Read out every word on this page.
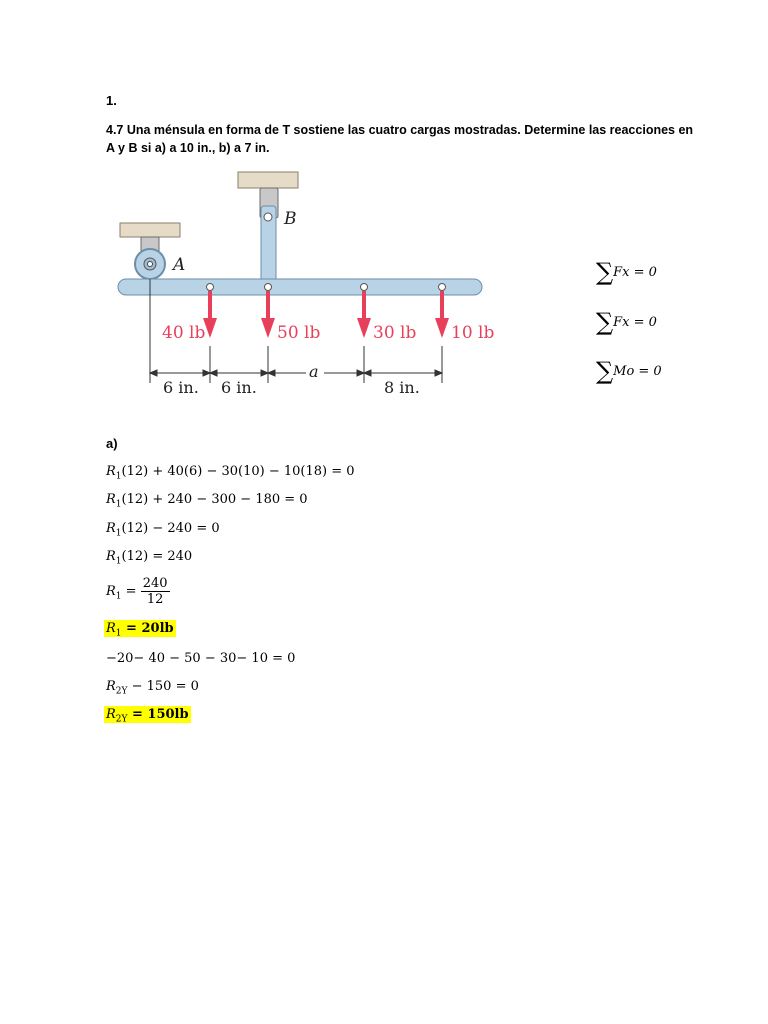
1.
4.7 Una ménsula en forma de T sostiene las cuatro cargas mostradas. Determine las reacciones en
A y B si a) a 10 in., b) a 7 in.
B
A
40 lb	50 lb	30 lb 10 lb
6 in. 6 in.
a
8 in.
∑Fx = 0
∑Fx = 0
∑Mo = 0
a)
$R_1(12) + 40(6) - 30(10) - 10(18) = 0$
$R_1(12) + 240 - 300 - 180 = 0$
$R_1(12) - 240 = 0$
$R_1(12) = 240$
$R_1 = \frac{240}{12}$
$R_1 = 20lb$
−20− 40 − 50 − 30− 10 = 0
$R_{2Y} - 150 = 0$
$R_{2Y} = 150lb$
